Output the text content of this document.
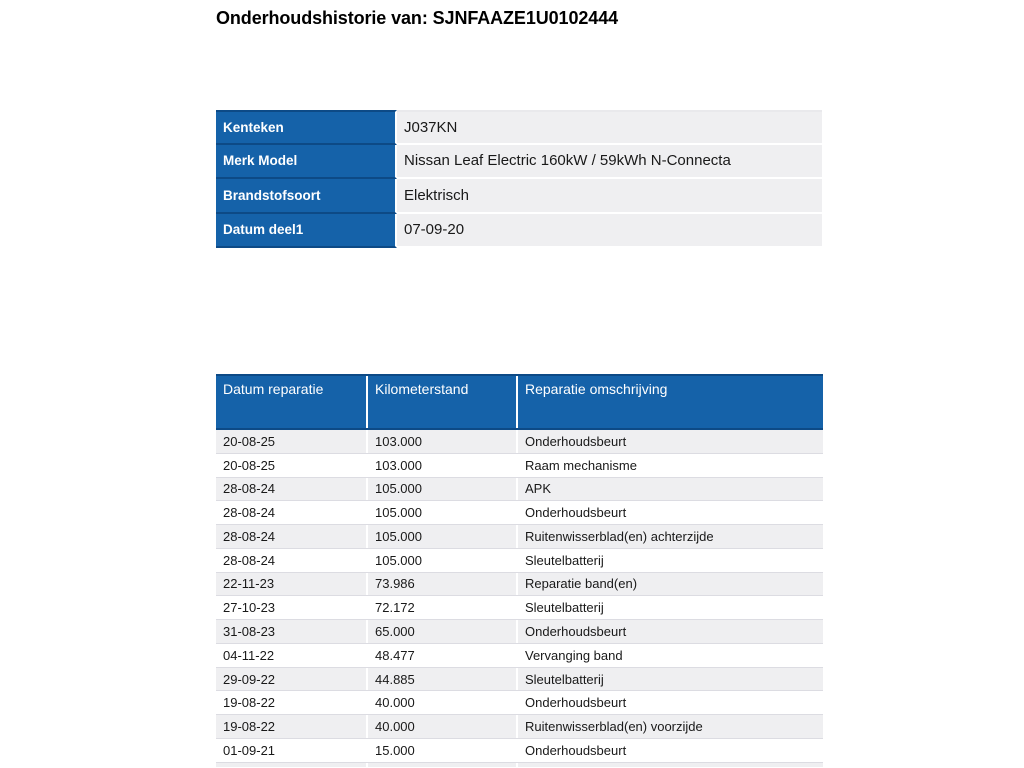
Onderhoudshistorie van: SJNFAAZE1U0102444
Kenteken	J037KN
Merk Model	Nissan Leaf Electric 160kW / 59kWh N-Connecta
Brandstofsoort	Elektrisch
Datum deel1	07-09-20
Datum reparatie	Kilometerstand	Reparatie omschrijving
20-08-25	103.000	Onderhoudsbeurt
20-08-25	103.000	Raam mechanisme
28-08-24	105.000	APK
28-08-24	105.000	Onderhoudsbeurt
28-08-24	105.000	Ruitenwisserblad(en) achterzijde
28-08-24	105.000	Sleutelbatterij
22-11-23	73.986	Reparatie band(en)
27-10-23	72.172	Sleutelbatterij
31-08-23	65.000	Onderhoudsbeurt
04-11-22	48.477	Vervanging band
29-09-22	44.885	Sleutelbatterij
19-08-22	40.000	Onderhoudsbeurt
19-08-22	40.000	Ruitenwisserblad(en) voorzijde
01-09-21	15.000	Onderhoudsbeurt
